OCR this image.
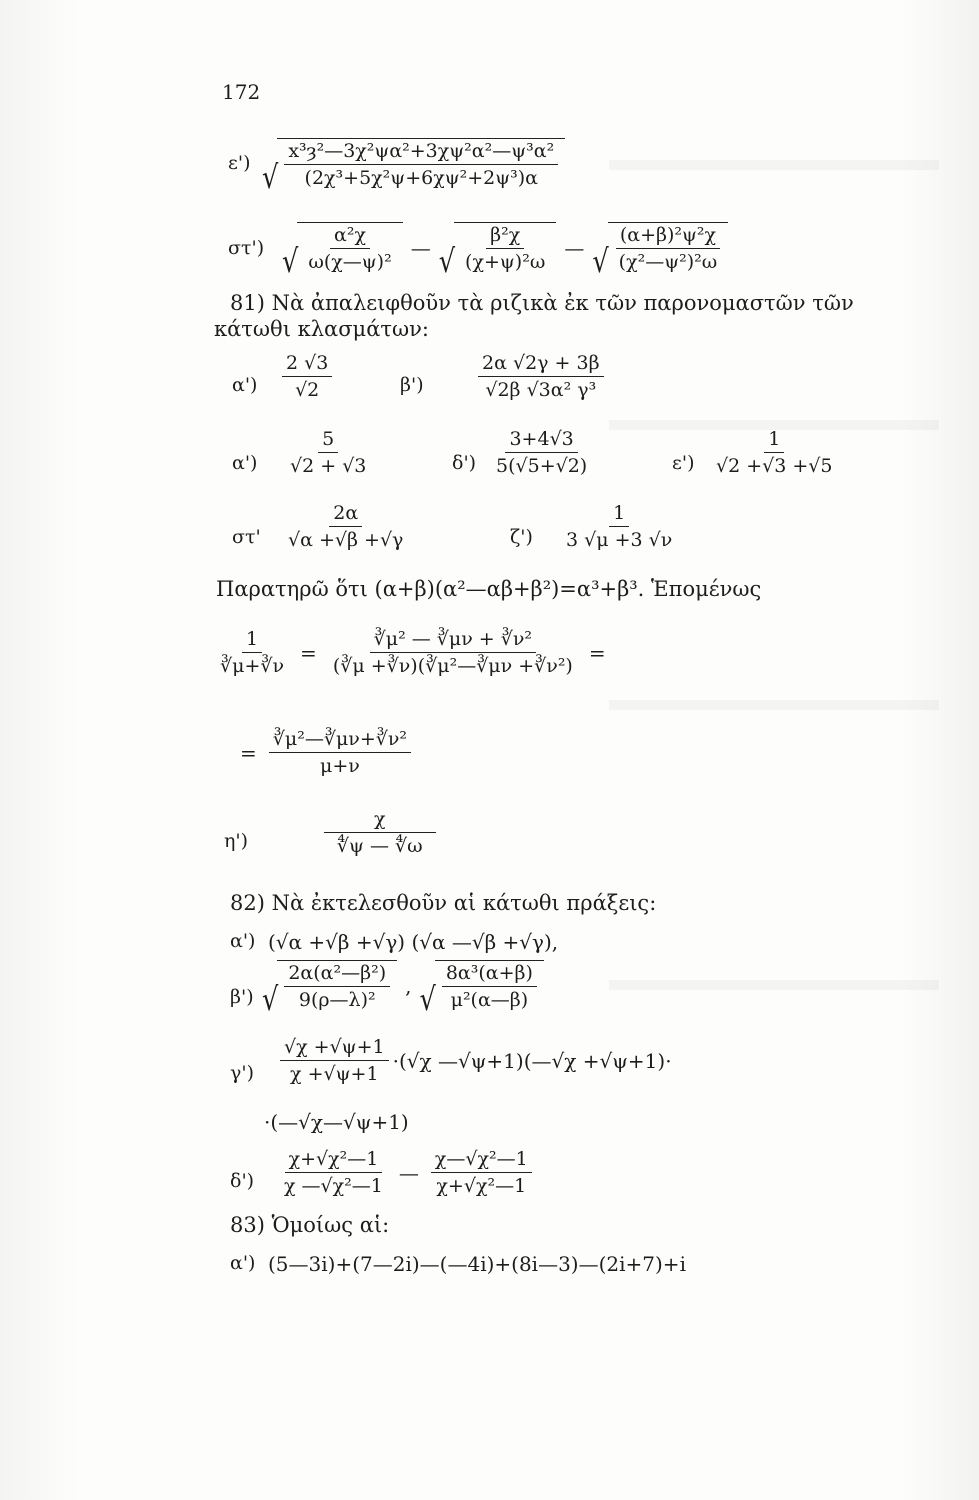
172
ε') √ $\frac{\text{x³ȝ²—3χ²ψα²+3χψ²α²—ψ³α²}}{\text{(2χ³+5χ²ψ+6χψ²+2ψ³)α}}$
στ') √ $\frac{\text{α²χ}}{\text{ω(χ—ψ)²}}$ — √ $\frac{\text{β²χ}}{\text{(χ+ψ)²ω}}$ — √ $\frac{\text{(α+β)²ψ²χ}}{\text{(χ²—ψ²)²ω}}$
81) Νὰ ἀπαλειφθοῦν τὰ ριζικὰ ἐκ τῶν παρονομαστῶν τῶν
κάτωθι κλασμάτων:
$\alpha') \frac{2 √3}{√2}$	β')	$\frac{2\alpha √2\gamma + 3\beta}{\text{√2β √3α² γ³}}$
$\alpha') \frac{5}{√2 + √3}$	$\delta') \frac{3+4√3}{5(√5+√2)}$	$\varepsilon') \frac{1}{√2 +√3 +√5}$
$\sigma\tau' \frac{2\alpha}{√\alpha +√\beta +√\gamma}$	$\zeta') \frac{1}{3 √\mu +3 √\nu}$
Παρατηρῶ ὅτι (α+β)(α²—αβ+β²)=α³+β³. Ἑπομένως
$\frac{1}{∛\mu+∛\nu} = \frac{\text{∛μ² — ∛μν + ∛ν²}}{\text{(∛μ +∛ν)(∛μ²—∛μν +∛ν²)}}$ =
= $\frac{\text{∛μ²—∛μν+∛ν²}}{\mu+\nu}$
η')	$\frac{\chi}{∜\psi — ∜\omega}$
82) Νὰ ἐκτελεσθοῦν αἱ κάτωθι πράξεις:
α') (√α +√β +√γ) (√α —√β +√γ),
β') √ $\frac{\text{2α(α²—β²)}}{\text{9(ρ—λ)²}}$ , √ $\frac{\text{8α³(α+β)}}{\text{μ²(α—β)}}$
$\gamma') \frac{√\chi +√\psi+1}{\chi +√\psi+1} \cdot(√\chi$ —√ψ+1)(—√χ +√ψ+1)·
·(—√χ—√ψ+1)
$\delta') \frac{\text{χ+√χ²—1}}{\text{χ —√χ²—1}}$ — $\frac{\text{χ—√χ²—1}}{\text{χ+√χ²—1}}$
83) Ὁμοίως αἱ:
α') (5—3i)+(7—2i)—(—4i)+(8i—3)—(2i+7)+i
